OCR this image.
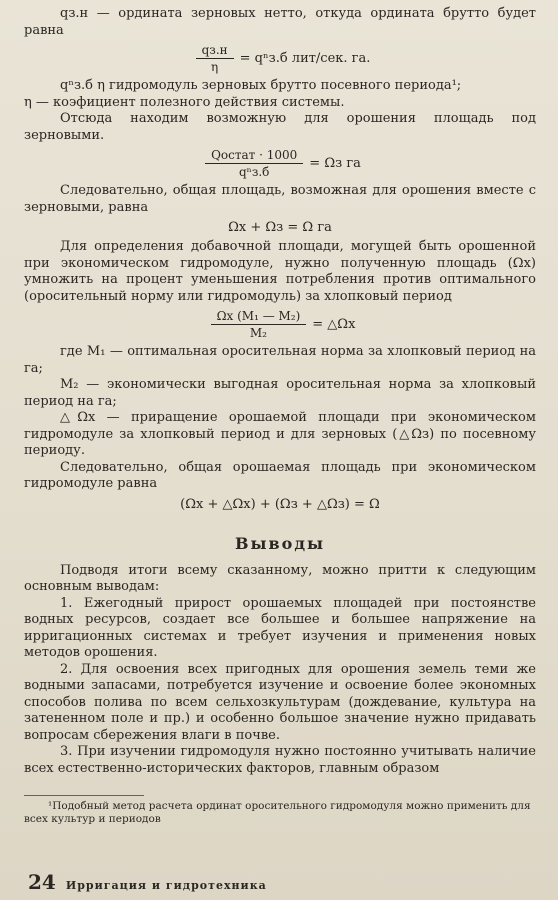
qз.н — ордината зерновых нетто, откуда ордината брутто будет равна

$\frac{qз.н}{\eta} = q^nз.б$ лит/сек. га.

qⁿз.б η гидромодуль зерновых брутто посевного периода¹;

η — коэфициент полезного действия системы.

Отсюда находим возможную для орошения площадь под зерновыми.

$\frac{\text{Qостат · 1000}}{\text{qⁿз.б}} = \Omega з$ га

Следовательно, общая площадь, возможная для орошения вместе с зерновыми, равна

Ωх + Ωз = Ω га

Для определения добавочной площади, могущей быть орошенной при экономическом гидромодуле, нужно полученную площадь (Ωх) умножить на процент уменьшения потребления против оптимального (оросительный норму или гидромодуль) за хлопковый период

$\frac{\text{Ωх (M₁ — M₂)}}{\text{M₂}}$ = △Ωх

где M₁ — оптимальная оросительная норма за хлопковый период на га;

M₂ — экономически выгодная оросительная норма за хлопковый период на га;

△Ωх — приращение орошаемой площади при экономическом гидромодуле за хлопковый период и для зерновых (△Ωз) по посевному периоду.

Следовательно, общая орошаемая площадь при экономическом гидромодуле равна

(Ωх + △Ωх) + (Ωз + △Ωз) = Ω
Выводы

Подводя итоги всему сказанному, можно притти к следующим основным выводам:

1. Ежегодный прирост орошаемых площадей при постоянстве водных ресурсов, создает все большее и большее напряжение на ирригационных системах и требует изучения и применения новых методов орошения.

2. Для освоения всех пригодных для орошения земель теми же водными запасами, потребуется изучение и освоение более экономных способов полива по всем сельхозкультурам (дождевание, культура на затененном поле и пр.) и особенно большое значение нужно придавать вопросам сбережения влаги в почве.

3. При изучении гидромодуля нужно постоянно учитывать наличие всех естественно-исторических факторов, главным образом

¹Подобный метод расчета ординат оросительного гидромодуля можно применить для всех культур и периодов

24 Ирригация и гидротехника
